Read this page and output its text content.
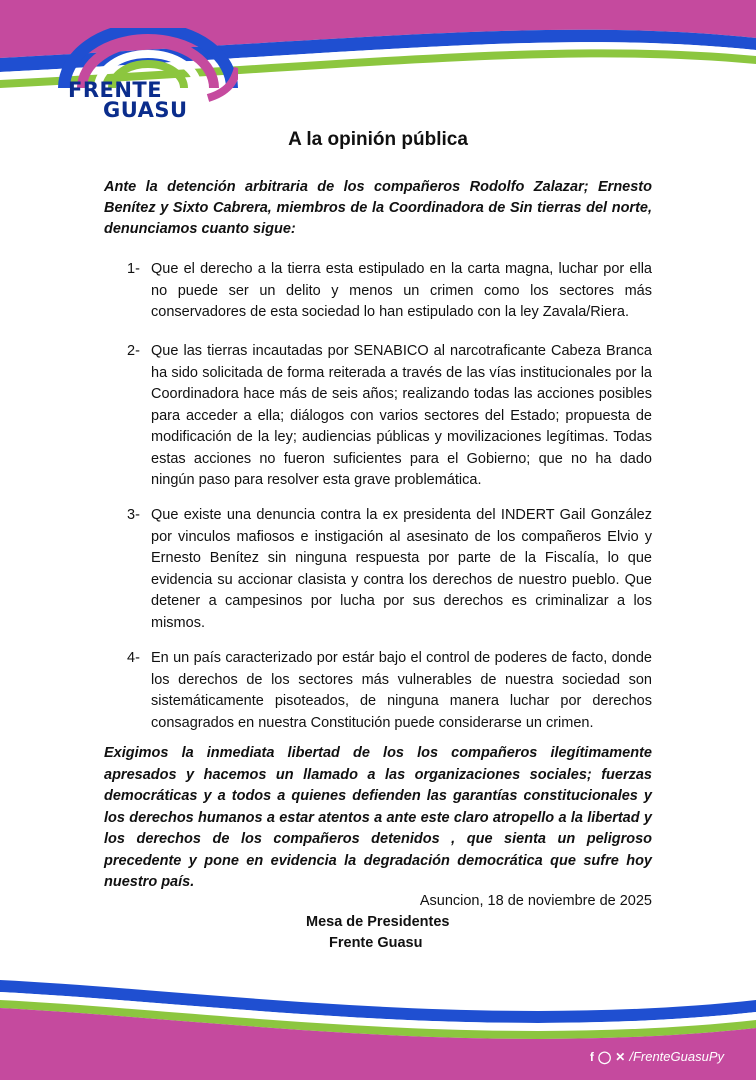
FRENTE
GUASU
A la opinión pública
Ante la detención arbitraria de los compañeros Rodolfo Zalazar; Ernesto Benítez y Sixto Cabrera, miembros de la Coordinadora de Sin tierras del norte, denunciamos cuanto sigue:
1- Que el derecho a la tierra esta estipulado en la carta magna, luchar por ella no puede ser un delito y menos un crimen como los sectores más conservadores de esta sociedad lo han estipulado con la ley Zavala/Riera.
2- Que las tierras incautadas por SENABICO al narcotraficante Cabeza Branca ha sido solicitada de forma reiterada a través de las vías institucionales por la Coordinadora hace más de seis años; realizando todas las acciones posibles para acceder a ella; diálogos con varios sectores del Estado; propuesta de modificación de la ley; audiencias públicas y movilizaciones legítimas. Todas estas acciones no fueron suficientes para el Gobierno; que no ha dado ningún paso para resolver esta grave problemática.
3- Que existe una denuncia contra la ex presidenta del INDERT Gail González por vinculos mafiosos e instigación al asesinato de los compañeros Elvio y Ernesto Benítez sin ninguna respuesta por parte de la Fiscalía, lo que evidencia su accionar clasista y contra los derechos de nuestro pueblo. Que detener a campesinos por lucha por sus derechos es criminalizar a los mismos.
4- En un país caracterizado por estár bajo el control de poderes de facto, donde los derechos de los sectores más vulnerables de nuestra sociedad son sistemáticamente pisoteados, de ninguna manera luchar por derechos consagrados en nuestra Constitución puede considerarse un crimen.
Exigimos la inmediata libertad de los los compañeros ilegítimamente apresados y hacemos un llamado a las organizaciones sociales; fuerzas democráticas y a todos a quienes defienden las garantías constitucionales y los derechos humanos a estar atentos a ante este claro atropello a la libertad y los derechos de los compañeros detenidos , que sienta un peligroso precedente y pone en evidencia la degradación democrática que sufre hoy nuestro país.
Asuncion, 18 de noviembre de 2025
Mesa de Presidentes
Frente Guasu
f ◯ ✕ /FrenteGuasuPy
